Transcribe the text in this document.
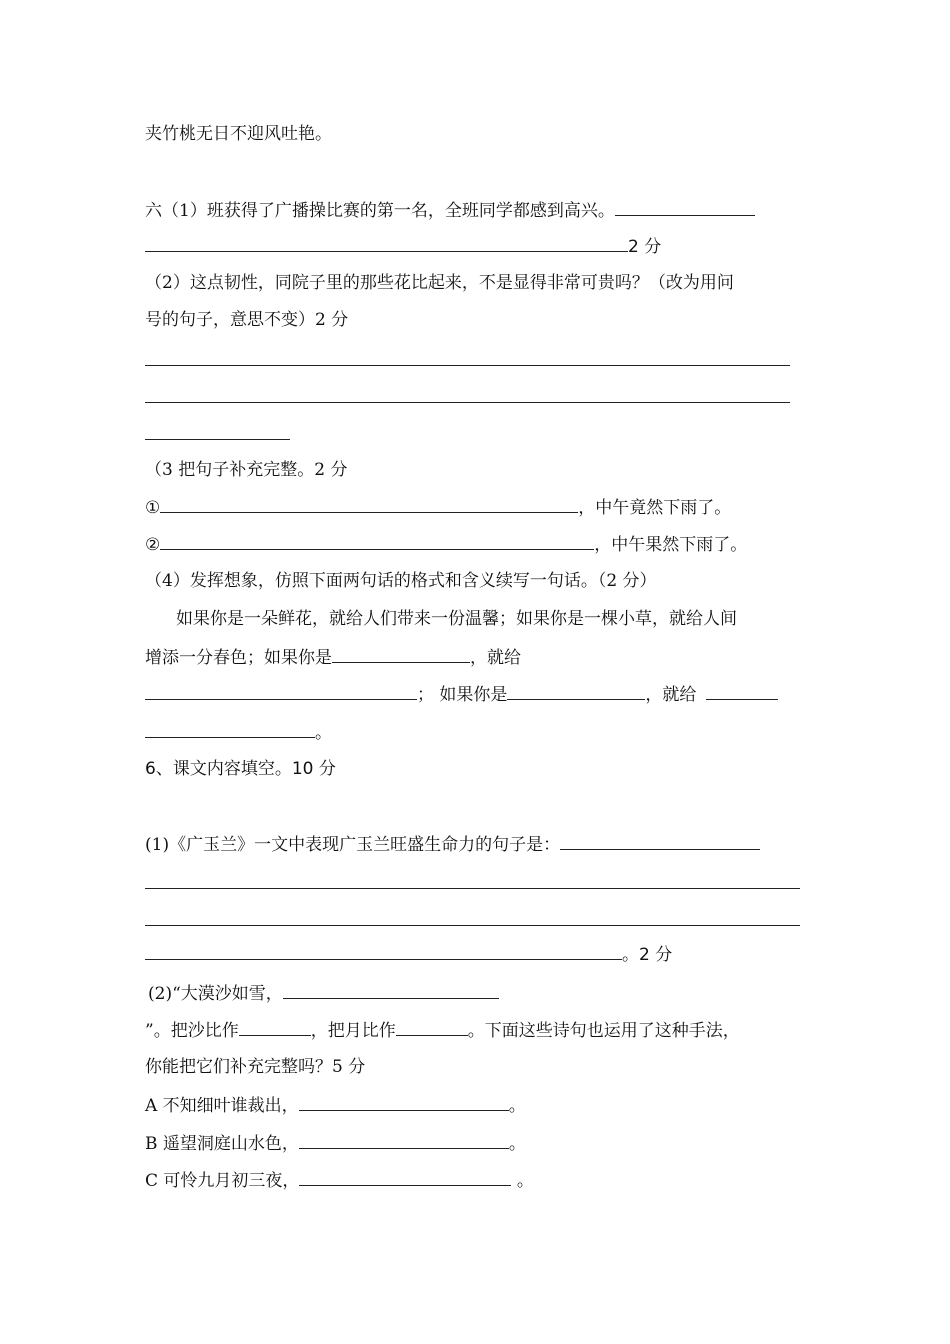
夹竹桃无日不迎风吐艳。
六（1）班获得了广播操比赛的第一名，全班同学都感到高兴。
2 分
（2）这点韧性，同院子里的那些花比起来，不是显得非常可贵吗？（改为用问
号的句子，意思不变）2 分
（3 把句子补充完整。2 分
①	，中午竟然下雨了。
②	，中午果然下雨了。
（4）发挥想象，仿照下面两句话的格式和含义续写一句话。（2 分）
如果你是一朵鲜花，就给人们带来一份温馨；如果你是一棵小草，就给人间
增添一分春色；如果你是	，就给
； 如果你是	，就给
。
6、课文内容填空。10 分
(1)《广玉兰》一文中表现广玉兰旺盛生命力的句子是：
。2 分
(2)“大漠沙如雪，
”。把沙比作	，把月比作	。下面这些诗句也运用了这种手法，
你能把它们补充完整吗？5 分
A 不知细叶谁裁出，	。
B 遥望洞庭山水色，	。
C 可怜九月初三夜，	。
